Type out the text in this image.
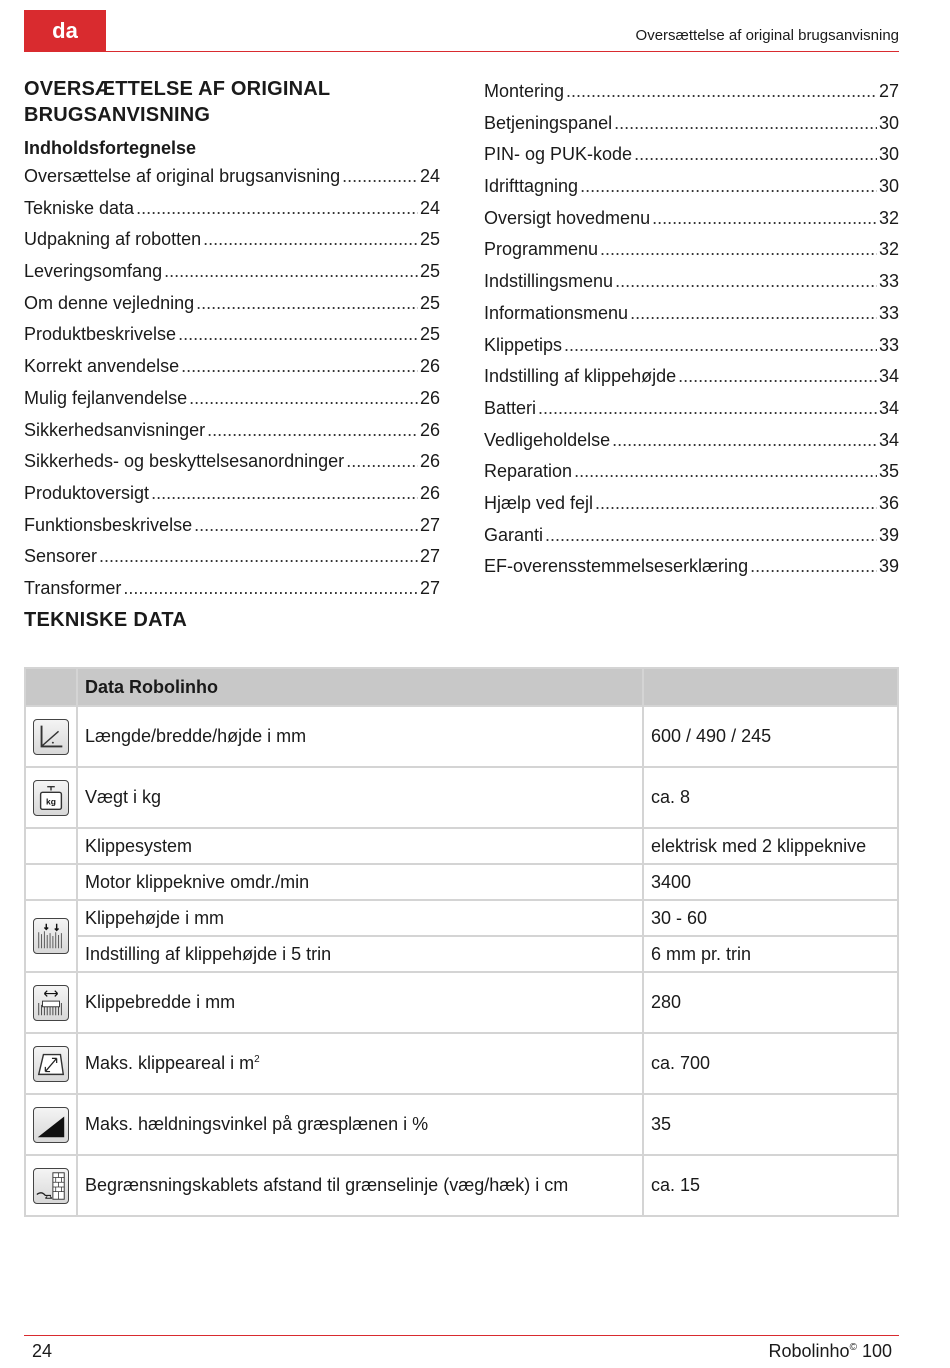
da	Oversættelse af original brugsanvisning
OVERSÆTTELSE AF ORIGINAL
BRUGSANVISNING
Indholdsfortegnelse
Oversættelse af original brugsanvisning .....	24
Tekniske data .....	24
Udpakning af robotten .....	25
Leveringsomfang .....	25
Om denne vejledning .....	25
Produktbeskrivelse .....	25
Korrekt anvendelse .....	26
Mulig fejlanvendelse .....	26
Sikkerhedsanvisninger .....	26
Sikkerheds- og beskyttelsesanordninger .....	26
Produktoversigt .....	26
Funktionsbeskrivelse .....	27
Sensorer .....	27
Transformer .....	27
TEKNISKE DATA
Montering .....	27
Betjeningspanel .....	30
PIN- og PUK-kode .....	30
Idrifttagning .....	30
Oversigt hovedmenu .....	32
Programmenu .....	32
Indstillingsmenu .....	33
Informationsmenu .....	33
Klippetips .....	33
Indstilling af klippehøjde .....	34
Batteri .....	34
Vedligeholdelse .....	34
Reparation .....	35
Hjælp ved fejl .....	36
Garanti .....	39
EF-overensstemmelseserklæring .....	39
	Data Robolinho	

	Længde/bredde/højde i mm	600 / 490 / 245

kg	Vægt i kg	ca. 8
	Klippesystem	elektrisk med 2 klippeknive
	Motor klippeknive omdr./min	3400

	Klippehøjde i mm	30 - 60
	Indstilling af klippehøjde i 5 trin	6 mm pr. trin

	Klippebredde i mm	280

	Maks. klippeareal i $m^2$	ca. 700

	Maks. hældningsvinkel på græsplænen i %	35

	Begrænsningskablets afstand til grænselinje (væg/hæk) i cm	ca. 15
24	Robolinho© 100
